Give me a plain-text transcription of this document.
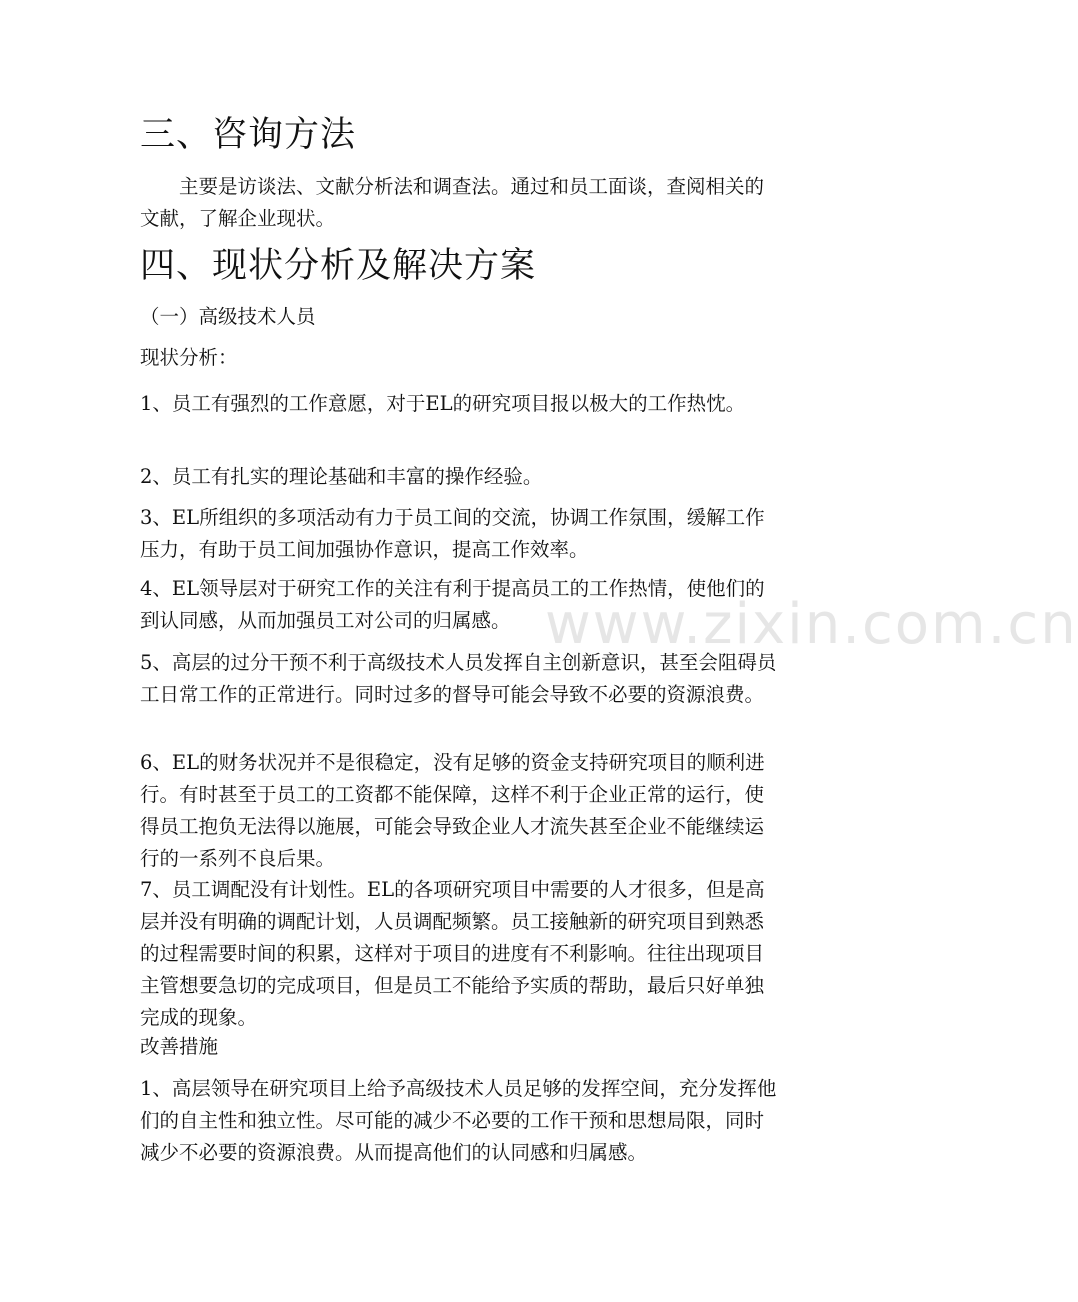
www.zixin.com.cn
三、咨询方法

主要是访谈法、文献分析法和调查法。通过和员工面谈，查阅相关的文献，了解企业现状。

四、现状分析及解决方案

（一）高级技术人员

现状分析：

1、员工有强烈的工作意愿，对于EL的研究项目报以极大的工作热忱。

2、员工有扎实的理论基础和丰富的操作经验。

3、EL所组织的多项活动有力于员工间的交流，协调工作氛围，缓解工作压力，有助于员工间加强协作意识，提高工作效率。

4、EL领导层对于研究工作的关注有利于提高员工的工作热情，使他们的到认同感，从而加强员工对公司的归属感。

5、高层的过分干预不利于高级技术人员发挥自主创新意识，甚至会阻碍员工日常工作的正常进行。同时过多的督导可能会导致不必要的资源浪费。

6、EL的财务状况并不是很稳定，没有足够的资金支持研究项目的顺利进行。有时甚至于员工的工资都不能保障，这样不利于企业正常的运行，使得员工抱负无法得以施展，可能会导致企业人才流失甚至企业不能继续运行的一系列不良后果。

7、员工调配没有计划性。EL的各项研究项目中需要的人才很多，但是高层并没有明确的调配计划，人员调配频繁。员工接触新的研究项目到熟悉的过程需要时间的积累，这样对于项目的进度有不利影响。往往出现项目主管想要急切的完成项目，但是员工不能给予实质的帮助，最后只好单独完成的现象。

改善措施

1、高层领导在研究项目上给予高级技术人员足够的发挥空间，充分发挥他们的自主性和独立性。尽可能的减少不必要的工作干预和思想局限，同时减少不必要的资源浪费。从而提高他们的认同感和归属感。
